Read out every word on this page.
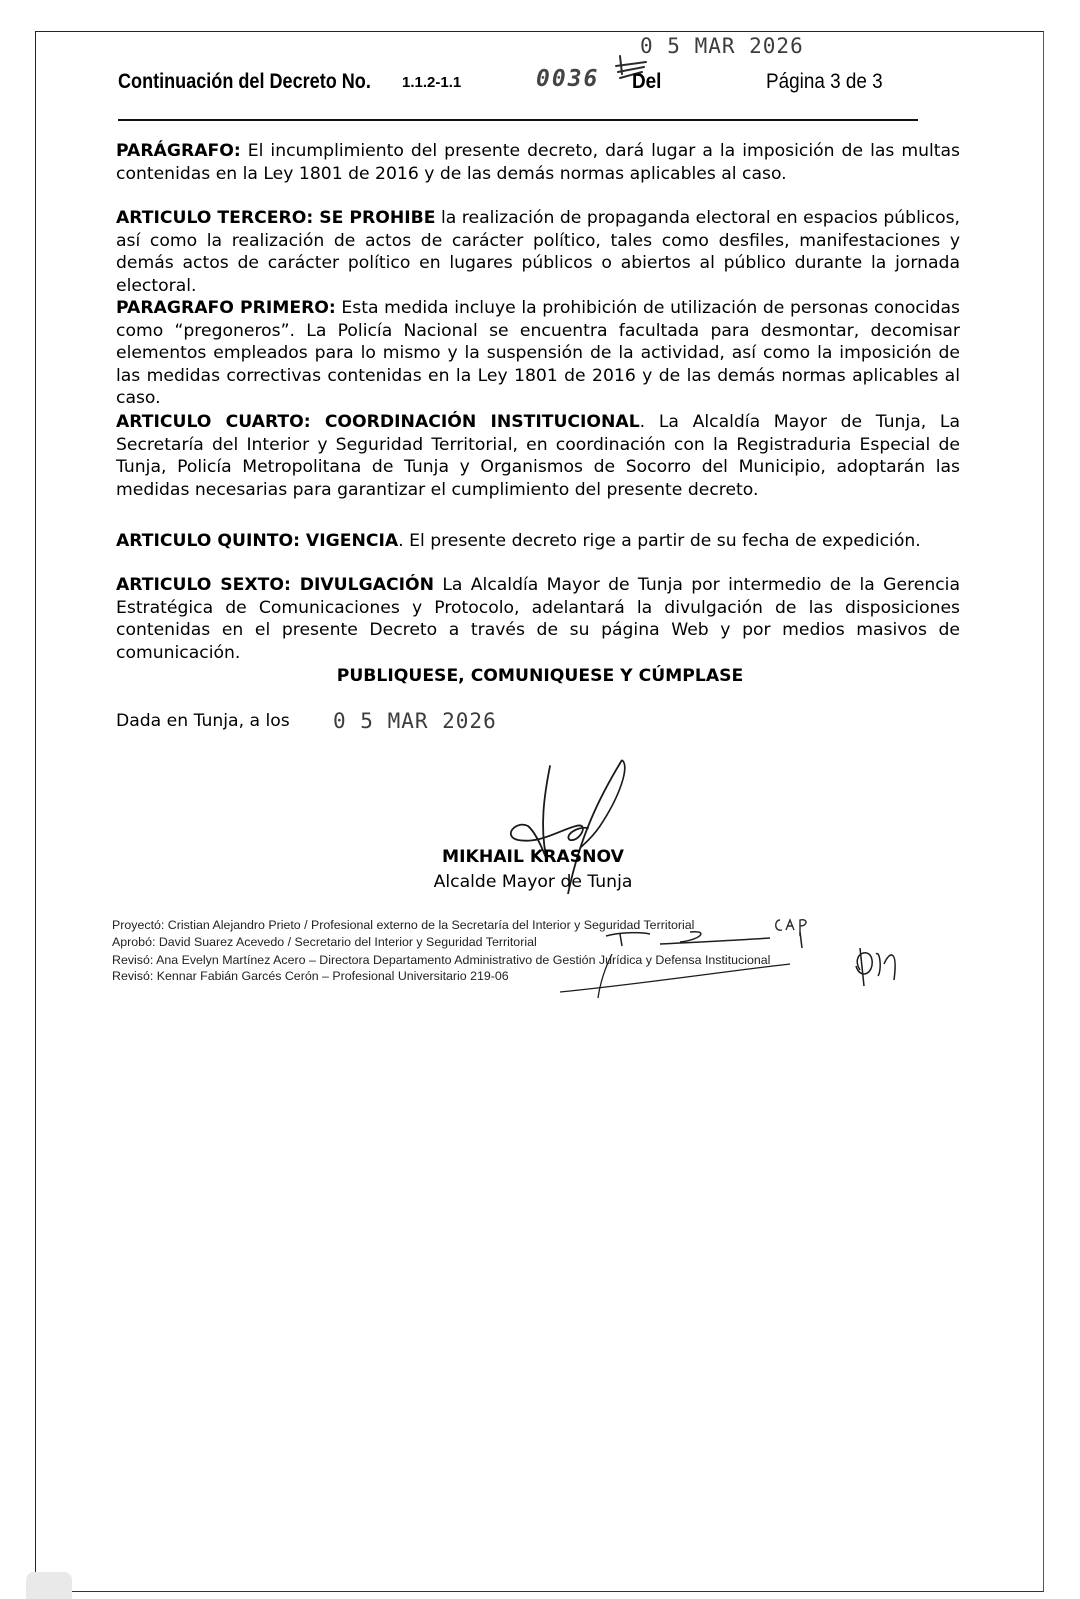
0 5 MAR 2026
Continuación del Decreto No. 1.1.2-1.1	0036 Del	Página 3 de 3
PARÁGRAFO: El incumplimiento del presente decreto, dará lugar a la imposición de las multas contenidas en la Ley 1801 de 2016 y de las demás normas aplicables al caso.
ARTICULO TERCERO: SE PROHIBE la realización de propaganda electoral en espacios públicos, así como la realización de actos de carácter político, tales como desfiles, manifestaciones y demás actos de carácter político en lugares públicos o abiertos al público durante la jornada electoral.
PARAGRAFO PRIMERO: Esta medida incluye la prohibición de utilización de personas conocidas como “pregoneros”. La Policía Nacional se encuentra facultada para desmontar, decomisar elementos empleados para lo mismo y la suspensión de la actividad, así como la imposición de las medidas correctivas contenidas en la Ley 1801 de 2016 y de las demás normas aplicables al caso.
ARTICULO CUARTO: COORDINACIÓN INSTITUCIONAL. La Alcaldía Mayor de Tunja, La Secretaría del Interior y Seguridad Territorial, en coordinación con la Registraduria Especial de Tunja, Policía Metropolitana de Tunja y Organismos de Socorro del Municipio, adoptarán las medidas necesarias para garantizar el cumplimiento del presente decreto.
ARTICULO QUINTO: VIGENCIA. El presente decreto rige a partir de su fecha de expedición.
ARTICULO SEXTO: DIVULGACIÓN La Alcaldía Mayor de Tunja por intermedio de la Gerencia Estratégica de Comunicaciones y Protocolo, adelantará la divulgación de las disposiciones contenidas en el presente Decreto a través de su página Web y por medios masivos de comunicación.
PUBLIQUESE, COMUNIQUESE Y CÚMPLASE
Dada en Tunja, a los 0 5 MAR 2026
MIKHAIL KRASNOV
Alcalde Mayor de Tunja
Proyectó: Cristian Alejandro Prieto / Profesional externo de la Secretaría del Interior y Seguridad Territorial
Aprobó: David Suarez Acevedo / Secretario del Interior y Seguridad Territorial
Revisó: Ana Evelyn Martínez Acero – Directora Departamento Administrativo de Gestión Jurídica y Defensa Institucional
Revisó: Kennar Fabián Garcés Cerón – Profesional Universitario 219-06
